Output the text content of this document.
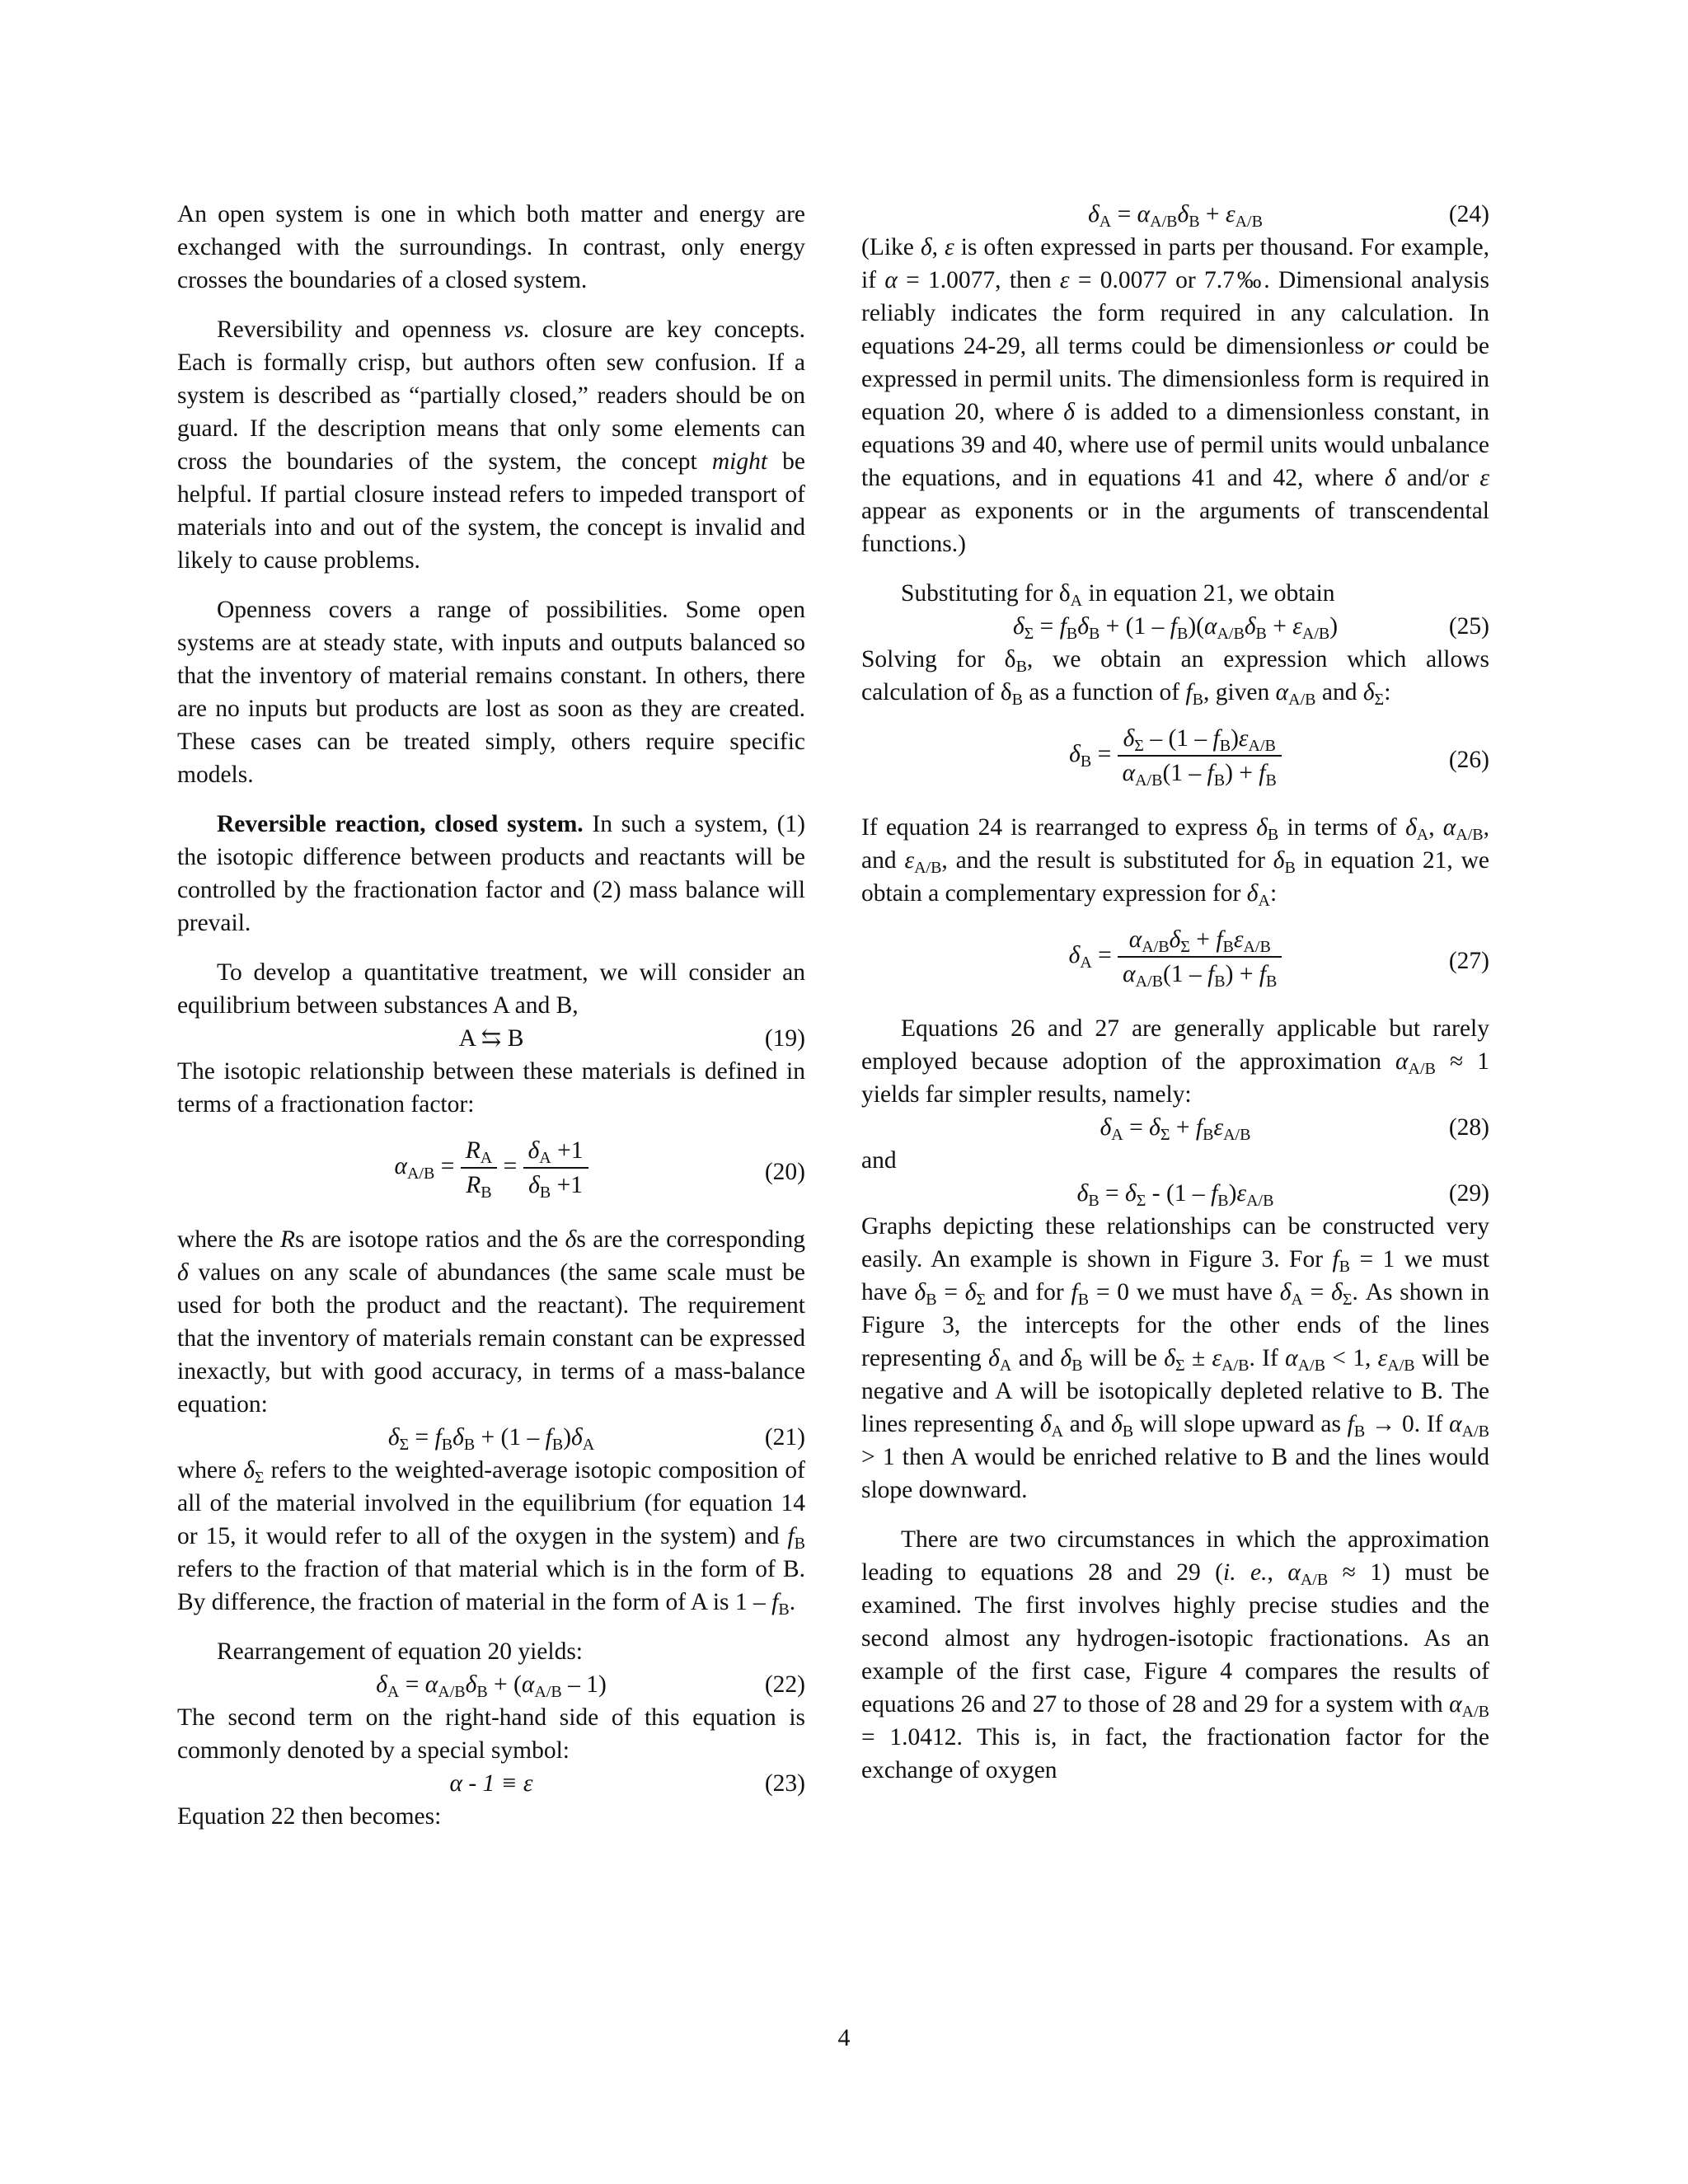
An open system is one in which both matter and energy are exchanged with the surroundings. In contrast, only energy crosses the boundaries of a closed system.

Reversibility and openness vs. closure are key concepts. Each is formally crisp, but authors often sew confusion. If a system is described as “partially closed,” readers should be on guard. If the description means that only some elements can cross the boundaries of the system, the concept might be helpful. If partial closure instead refers to impeded transport of materials into and out of the system, the concept is invalid and likely to cause problems.

Openness covers a range of possibilities. Some open systems are at steady state, with inputs and outputs balanced so that the inventory of material remains constant. In others, there are no inputs but products are lost as soon as they are created. These cases can be treated simply, others require specific models.

Reversible reaction, closed system. In such a system, (1) the isotopic difference between products and reactants will be controlled by the fractionation factor and (2) mass balance will prevail.

To develop a quantitative treatment, we will consider an equilibrium between substances A and B,

A ⇆ B	(19)

The isotopic relationship between these materials is defined in terms of a fractionation factor:

$\alpha_{A/B} = \frac{R_A}{R_B} = \frac{\delta_A +1}{\delta_B +1}$	(20)

where the Rs are isotope ratios and the δs are the corresponding δ values on any scale of abundances (the same scale must be used for both the product and the reactant). The requirement that the inventory of materials remain constant can be expressed inexactly, but with good accuracy, in terms of a mass-balance equation:

$\delta_\Sigma = f_B\delta_B + (1 - f_B)\delta_A$	(21)

where $\delta_\Sigma$ refers to the weighted-average isotopic composition of all of the material involved in the equilibrium (for equation 14 or 15, it would refer to all of the oxygen in the system) and $f_B$ refers to the fraction of that material which is in the form of B. By difference, the fraction of material in the form of A is $1 - f_B$.

Rearrangement of equation 20 yields:

$\delta_A = \alpha_{A/B}\delta_B + (\alpha_{A/B} - 1)$	(22)

The second term on the right-hand side of this equation is commonly denoted by a special symbol:

α - 1 ≡ ε	(23)

Equation 22 then becomes:

$\delta_A = \alpha_{A/B}\delta_B + \varepsilon_{A/B}$	(24)

(Like δ, ε is often expressed in parts per thousand. For example, if α = 1.0077, then ε = 0.0077 or 7.7‰. Dimensional analysis reliably indicates the form required in any calculation. In equations 24-29, all terms could be dimensionless or could be expressed in permil units. The dimensionless form is required in equation 20, where δ is added to a dimensionless constant, in equations 39 and 40, where use of permil units would unbalance the equations, and in equations 41 and 42, where δ and/or ε appear as exponents or in the arguments of transcendental functions.)

Substituting for $\delta_A$ in equation 21, we obtain

$\delta_\Sigma = f_B\delta_B + (1 - f_B)(\alpha_{A/B}\delta_B + \varepsilon_{A/B})$	(25)

Solving for $\delta_B$, we obtain an expression which allows calculation of $\delta_B$ as a function of $f_B$, given $\alpha_{A/B}$ and $\delta_\Sigma$:

$\delta_B = \frac{\delta_\Sigma - (1 - f_B)\varepsilon_{A/B}}{\alpha_{A/B}(1 - f_B) + f_B}$	(26)

If equation 24 is rearranged to express $\delta_B$ in terms of $\delta_A$, $\alpha_{A/B}$, and $\varepsilon_{A/B}$, and the result is substituted for $\delta_B$ in equation 21, we obtain a complementary expression for $\delta_A$:

$\delta_A = \frac{\alpha_{A/B}\delta_\Sigma + f_B\varepsilon_{A/B}}{\alpha_{A/B}(1 - f_B) + f_B}$	(27)

Equations 26 and 27 are generally applicable but rarely employed because adoption of the approximation $\alpha_{A/B} \approx 1$ yields far simpler results, namely:

$\delta_A = \delta_\Sigma + f_B\varepsilon_{A/B}$	(28)

and

$\delta_B = \delta_\Sigma - (1 - f_B)\varepsilon_{A/B}$	(29)

Graphs depicting these relationships can be constructed very easily. An example is shown in Figure 3. For $f_B = 1$ we must have $\delta_B = \delta_\Sigma$ and for $f_B = 0$ we must have $\delta_A = \delta_\Sigma$. As shown in Figure 3, the intercepts for the other ends of the lines representing $\delta_A$ and $\delta_B$ will be $\delta_\Sigma \pm \varepsilon_{A/B}$. If $\alpha_{A/B} < 1$, $\varepsilon_{A/B}$ will be negative and A will be isotopically depleted relative to B. The lines representing $\delta_A$ and $\delta_B$ will slope upward as $f_B \to 0$. If $\alpha_{A/B} > 1$ then A would be enriched relative to B and the lines would slope downward.

There are two circumstances in which the approximation leading to equations 28 and 29 (i. e., $\alpha_{A/B} \approx 1$) must be examined. The first involves highly precise studies and the second almost any hydrogen-isotopic fractionations. As an example of the first case, Figure 4 compares the results of equations 26 and 27 to those of 28 and 29 for a system with $\alpha_{A/B} = 1.0412$. This is, in fact, the fractionation factor for the exchange of oxygen

4
